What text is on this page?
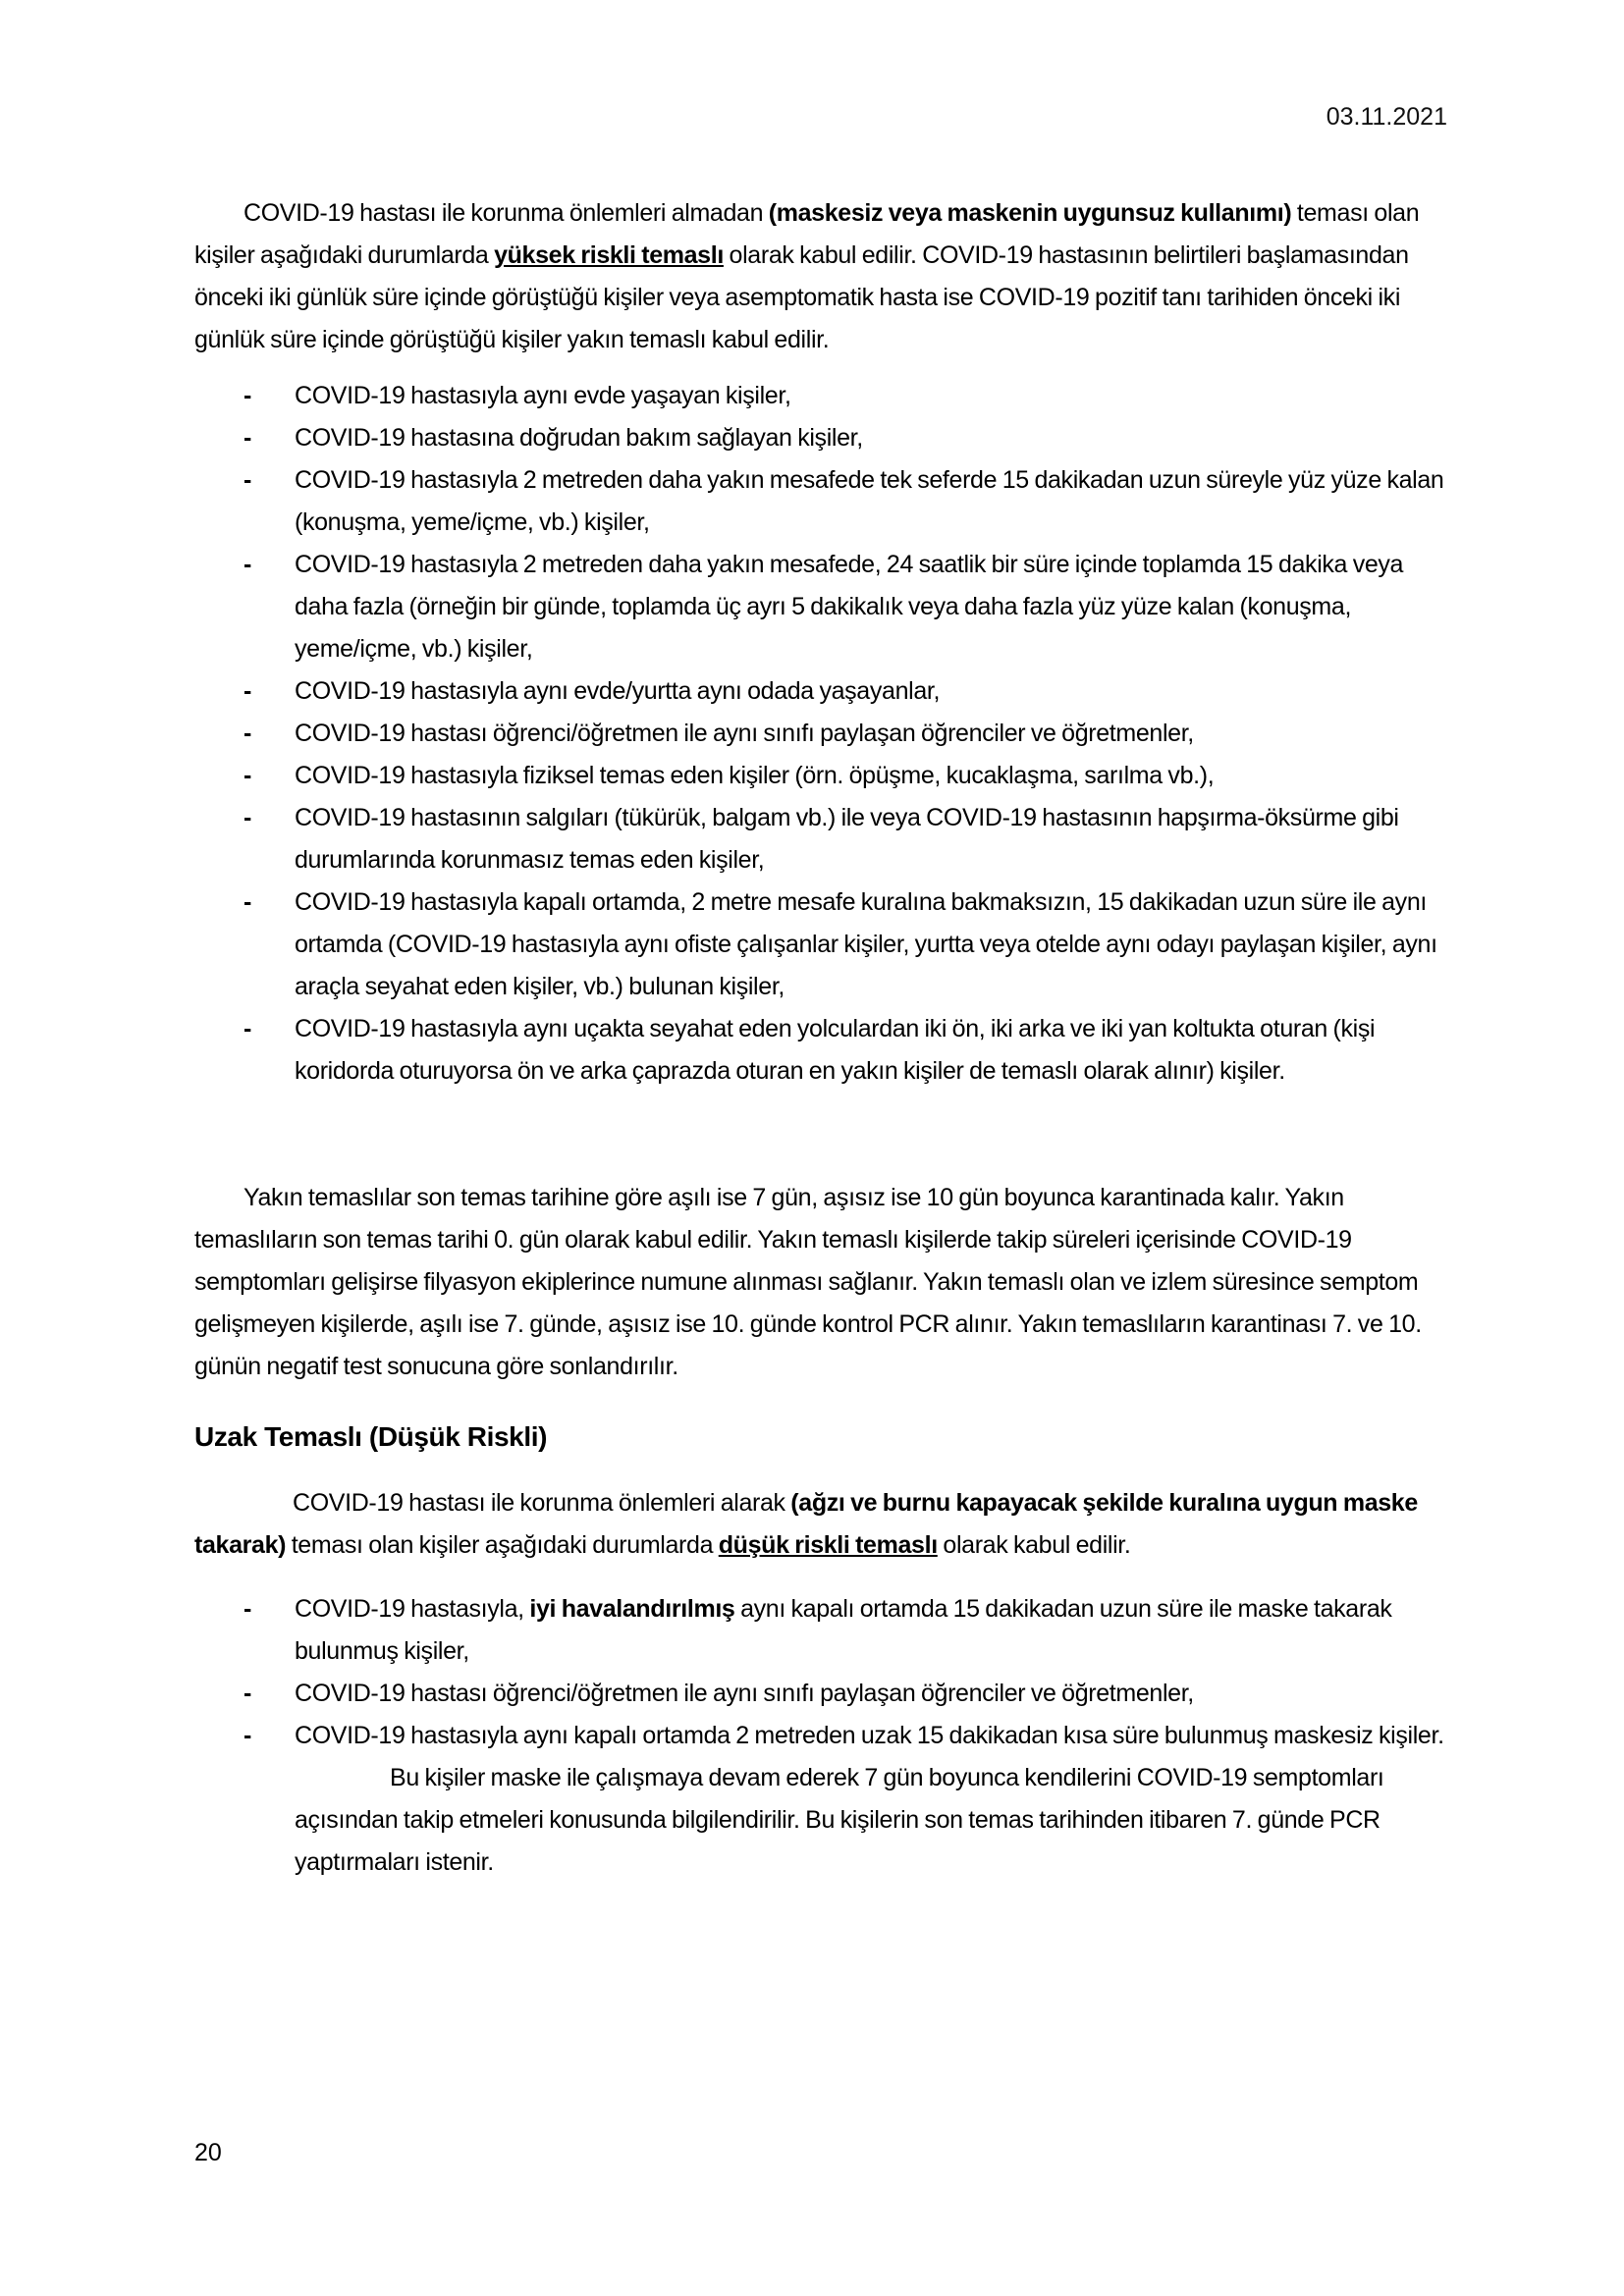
03.11.2021

COVID-19 hastası ile korunma önlemleri almadan (maskesiz veya maskenin uygunsuz kullanımı) teması olan kişiler aşağıdaki durumlarda yüksek riskli temaslı olarak kabul edilir. COVID-19 hastasının belirtileri başlamasından önceki iki günlük süre içinde görüştüğü kişiler veya asemptomatik hasta ise COVID-19 pozitif tanı tarihiden önceki iki günlük süre içinde görüştüğü kişiler yakın temaslı kabul edilir.

- COVID-19 hastasıyla aynı evde yaşayan kişiler,
- COVID-19 hastasına doğrudan bakım sağlayan kişiler,
- COVID-19 hastasıyla 2 metreden daha yakın mesafede tek seferde 15 dakikadan uzun süreyle yüz yüze kalan (konuşma, yeme/içme, vb.) kişiler,
- COVID-19 hastasıyla 2 metreden daha yakın mesafede, 24 saatlik bir süre içinde toplamda 15 dakika veya daha fazla (örneğin bir günde, toplamda üç ayrı 5 dakikalık veya daha fazla yüz yüze kalan (konuşma, yeme/içme, vb.) kişiler,
- COVID-19 hastasıyla aynı evde/yurtta aynı odada yaşayanlar,
- COVID-19 hastası öğrenci/öğretmen ile aynı sınıfı paylaşan öğrenciler ve öğretmenler,
- COVID-19 hastasıyla fiziksel temas eden kişiler (örn. öpüşme, kucaklaşma, sarılma vb.),
- COVID-19 hastasının salgıları (tükürük, balgam vb.) ile veya COVID-19 hastasının hapşırma-öksürme gibi durumlarında korunmasız temas eden kişiler,
- COVID-19 hastasıyla kapalı ortamda, 2 metre mesafe kuralına bakmaksızın, 15 dakikadan uzun süre ile aynı ortamda (COVID-19 hastasıyla aynı ofiste çalışanlar kişiler, yurtta veya otelde aynı odayı paylaşan kişiler, aynı araçla seyahat eden kişiler, vb.) bulunan kişiler,
- COVID-19 hastasıyla aynı uçakta seyahat eden yolculardan iki ön, iki arka ve iki yan koltukta oturan (kişi koridorda oturuyorsa ön ve arka çaprazda oturan en yakın kişiler de temaslı olarak alınır) kişiler.

Yakın temaslılar son temas tarihine göre aşılı ise 7 gün, aşısız ise 10 gün boyunca karantinada kalır. Yakın temaslıların son temas tarihi 0. gün olarak kabul edilir. Yakın temaslı kişilerde takip süreleri içerisinde COVID-19 semptomları gelişirse filyasyon ekiplerince numune alınması sağlanır. Yakın temaslı olan ve izlem süresince semptom gelişmeyen kişilerde, aşılı ise 7. günde, aşısız ise 10. günde kontrol PCR alınır. Yakın temaslıların karantinası 7. ve 10. günün negatif test sonucuna göre sonlandırılır.

Uzak Temaslı (Düşük Riskli)

COVID-19 hastası ile korunma önlemleri alarak (ağzı ve burnu kapayacak şekilde kuralına uygun maske takarak) teması olan kişiler aşağıdaki durumlarda düşük riskli temaslı olarak kabul edilir.

- COVID-19 hastasıyla, iyi havalandırılmış aynı kapalı ortamda 15 dakikadan uzun süre ile maske takarak bulunmuş kişiler,
- COVID-19 hastası öğrenci/öğretmen ile aynı sınıfı paylaşan öğrenciler ve öğretmenler,
- COVID-19 hastasıyla aynı kapalı ortamda 2 metreden uzak 15 dakikadan kısa süre bulunmuş maskesiz kişiler.

Bu kişiler maske ile çalışmaya devam ederek 7 gün boyunca kendilerini COVID-19 semptomları açısından takip etmeleri konusunda bilgilendirilir. Bu kişilerin son temas tarihinden itibaren 7. günde PCR yaptırmaları istenir.

20
